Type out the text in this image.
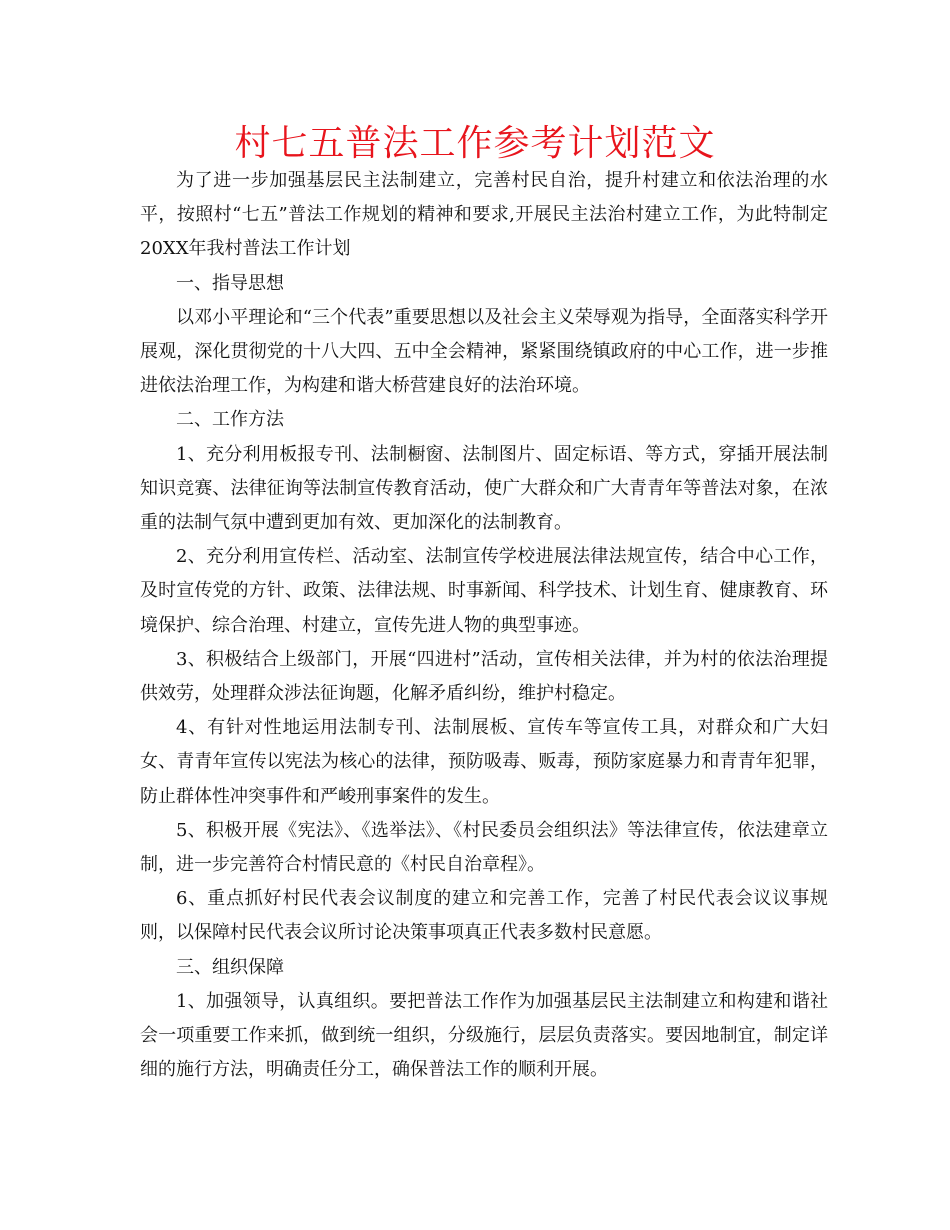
村七五普法工作参考计划范文

为了进一步加强基层民主法制建立，完善村民自治，提升村建立和依法治理的水平，按照村“七五”普法工作规划的精神和要求,开展民主法治村建立工作，为此特制定20XX年我村普法工作计划

一、指导思想

以邓小平理论和“三个代表”重要思想以及社会主义荣辱观为指导，全面落实科学开展观，深化贯彻党的十八大四、五中全会精神，紧紧围绕镇政府的中心工作，进一步推进依法治理工作，为构建和谐大桥营建良好的法治环境。

二、工作方法

1、充分利用板报专刊、法制橱窗、法制图片、固定标语、等方式，穿插开展法制知识竞赛、法律征询等法制宣传教育活动，使广大群众和广大青青年等普法对象，在浓重的法制气氛中遭到更加有效、更加深化的法制教育。

2、充分利用宣传栏、活动室、法制宣传学校进展法律法规宣传，结合中心工作，及时宣传党的方针、政策、法律法规、时事新闻、科学技术、计划生育、健康教育、环境保护、综合治理、村建立，宣传先进人物的典型事迹。

3、积极结合上级部门，开展“四进村”活动，宣传相关法律，并为村的依法治理提供效劳，处理群众涉法征询题，化解矛盾纠纷，维护村稳定。

4、有针对性地运用法制专刊、法制展板、宣传车等宣传工具，对群众和广大妇女、青青年宣传以宪法为核心的法律，预防吸毒、贩毒，预防家庭暴力和青青年犯罪，防止群体性冲突事件和严峻刑事案件的发生。

5、积极开展《宪法》、《选举法》、《村民委员会组织法》等法律宣传，依法建章立制，进一步完善符合村情民意的《村民自治章程》。

6、重点抓好村民代表会议制度的建立和完善工作，完善了村民代表会议议事规则，以保障村民代表会议所讨论决策事项真正代表多数村民意愿。

三、组织保障

1、加强领导，认真组织。要把普法工作作为加强基层民主法制建立和构建和谐社会一项重要工作来抓，做到统一组织，分级施行，层层负责落实。要因地制宜，制定详细的施行方法，明确责任分工，确保普法工作的顺利开展。
